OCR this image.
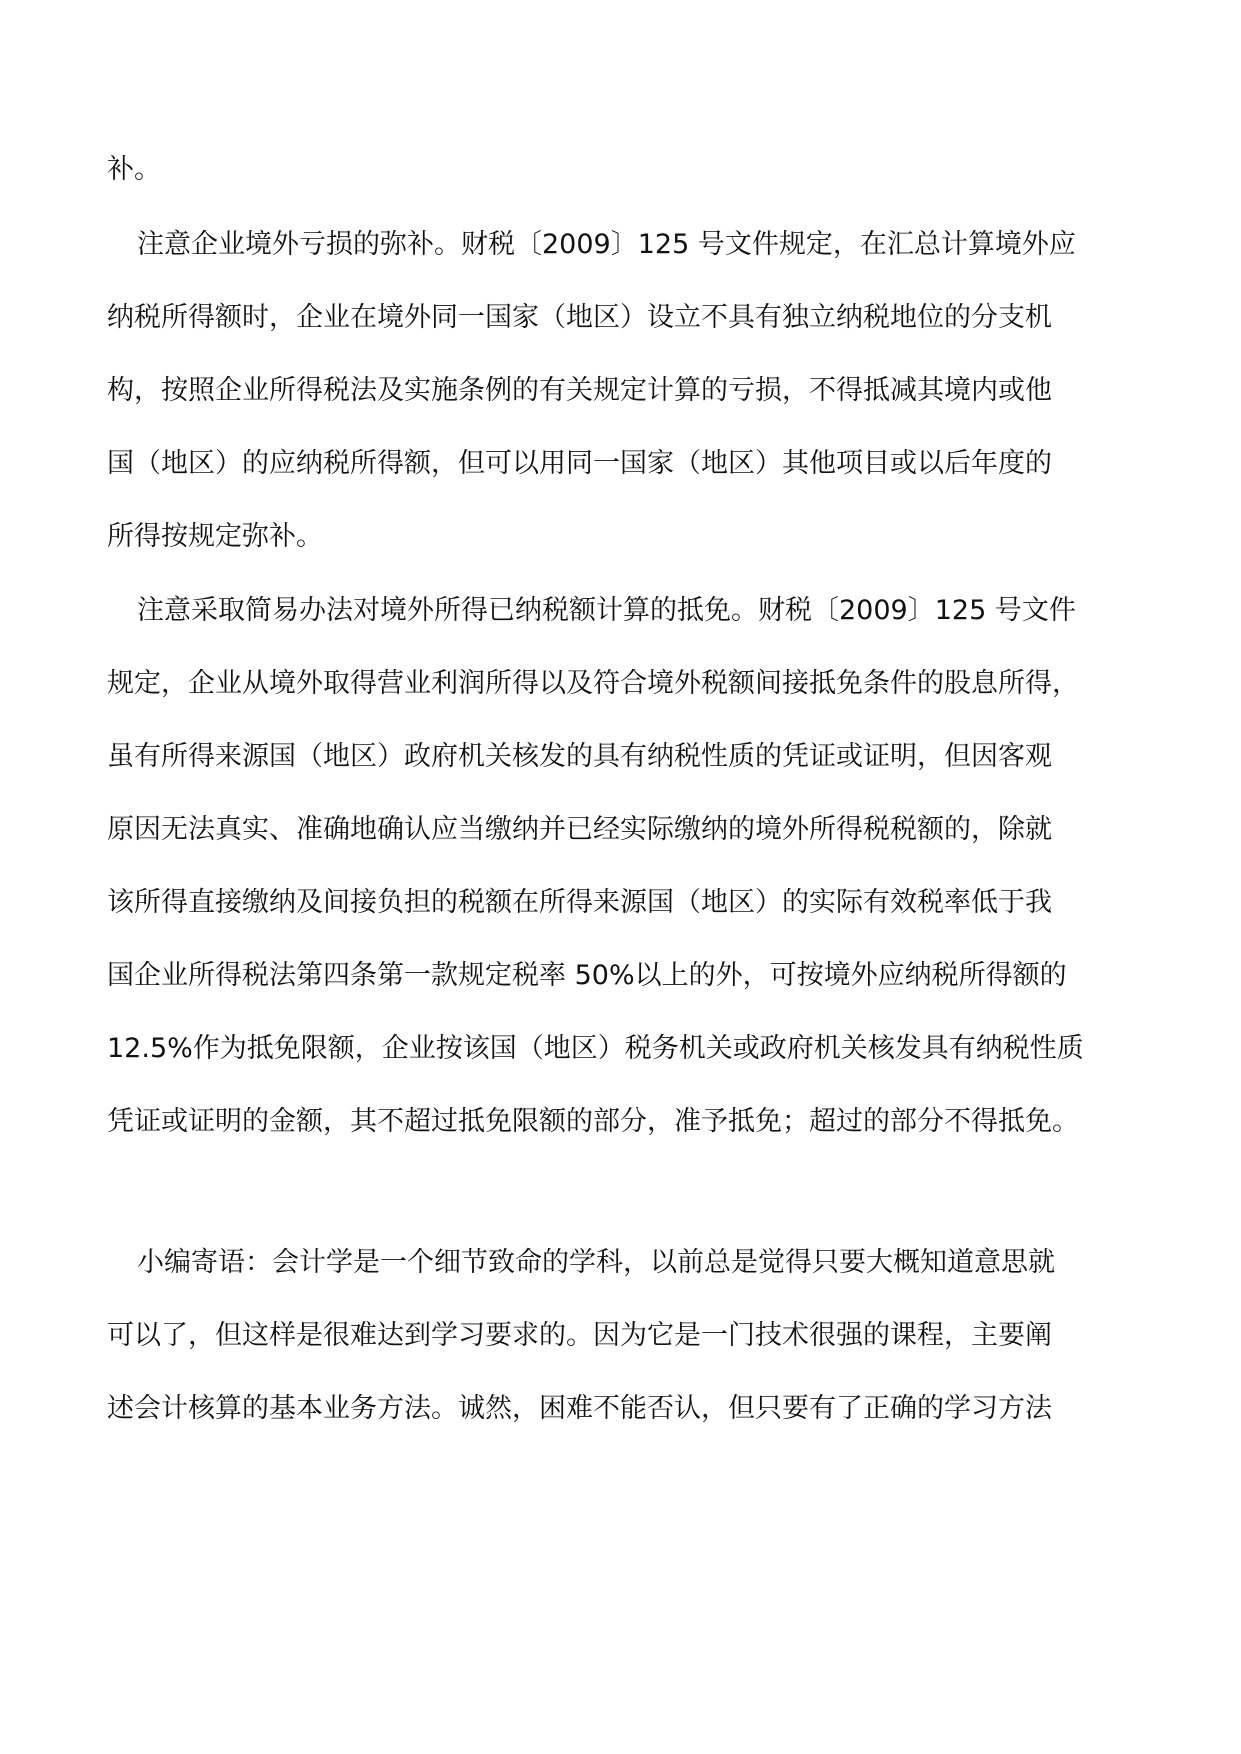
补。
注意企业境外亏损的弥补。财税〔2009〕125 号文件规定，在汇总计算境外应
纳税所得额时，企业在境外同一国家（地区）设立不具有独立纳税地位的分支机
构，按照企业所得税法及实施条例的有关规定计算的亏损，不得抵减其境内或他
国（地区）的应纳税所得额，但可以用同一国家（地区）其他项目或以后年度的
所得按规定弥补。
注意采取简易办法对境外所得已纳税额计算的抵免。财税〔2009〕125 号文件
规定，企业从境外取得营业利润所得以及符合境外税额间接抵免条件的股息所得，
虽有所得来源国（地区）政府机关核发的具有纳税性质的凭证或证明，但因客观
原因无法真实、准确地确认应当缴纳并已经实际缴纳的境外所得税税额的，除就
该所得直接缴纳及间接负担的税额在所得来源国（地区）的实际有效税率低于我
国企业所得税法第四条第一款规定税率 50%以上的外，可按境外应纳税所得额的
12.5%作为抵免限额，企业按该国（地区）税务机关或政府机关核发具有纳税性质
凭证或证明的金额，其不超过抵免限额的部分，准予抵免；超过的部分不得抵免。
小编寄语：会计学是一个细节致命的学科，以前总是觉得只要大概知道意思就
可以了，但这样是很难达到学习要求的。因为它是一门技术很强的课程，主要阐
述会计核算的基本业务方法。诚然，困难不能否认，但只要有了正确的学习方法
